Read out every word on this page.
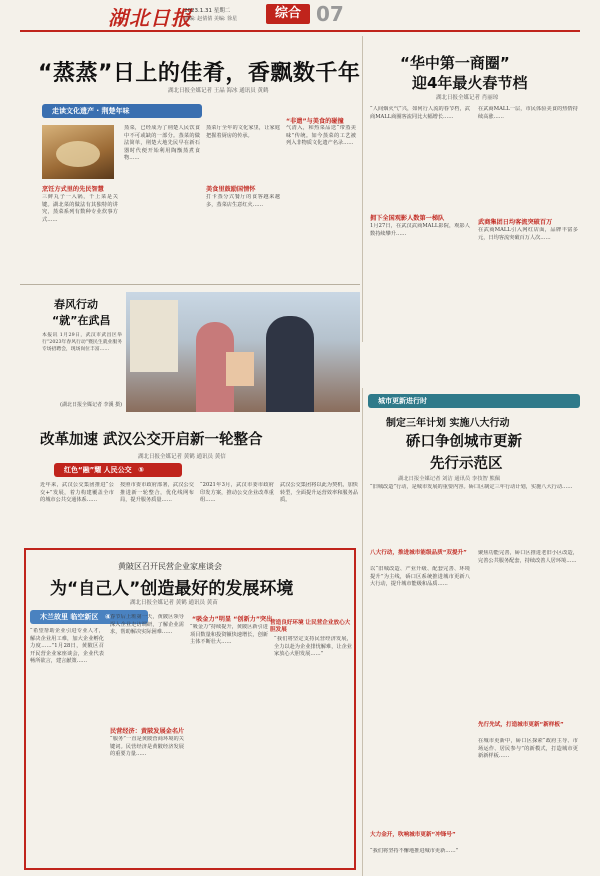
湖北日报
2023.1.31 星期二
责编: 赵倩倩 美编: 徐星	综合 07
“蒸蒸”日上的佳肴，香飘数千年
湖北日报全媒记者 王晶 海冰 通讯员 黄鹤
走读文化遗产 · 荆楚年味
烹饪方式里的先民智慧
三鲜丸子一入锅，千上菜是关键。湖北菜的做法有其独特的讲究，蒸菜系列有数种专业炊事方式……
蒸菜，已经成为了荆楚人民饮食中不可或缺的一部分。蒸菜的做法简单，荆楚大地先民早在新石器时代便开始利用陶甑蒸煮食物……
美食里鼓励国情怀
蒸菜厅全年的文化家里，让家庭把握着厨房的传承。
打卡蒸分式餐厅的食客越来越多，蒸菜店生意红火……
“非遗”与美食的碰撞
气清入，和热菜品送“带蒸美味”传统。如今蒸菜的工艺被列入非物质文化遗产名录……
“华中第一商圈”
迎4年最火春节档
湖北日报全媒记者 肖丽琼
“人间烟火气”兴，如何行人流的春节档，武商MALL商圈客流同比大幅增长……
拥下全国观影人数第一梯队
1月27日，在武汉武商MALL影院，观影人数持续攀升……
在武商MALL一层，市民体验美食的热情持续高涨……
武商集团日均客流突破百万
在武商MALL引入网红店面，品牌丰富多元，日均客流突破百万人次……
春风行动
“就”在武昌
本报讯 1月29日，武汉市武昌区举行“2023年春风行动”暨民生就业服务专场招聘会，现场岗位丰富……
(湖北日报全媒记者 李溪 摄)
改革加速 武汉公交开启新一轮整合
湖北日报全媒记者 黄鹤 通讯员 黄信
红色“融”耀 人民公交 ⑤
近年来，武汉公交集团推进“公交+”发展，着力构建覆盖全市的城市公共交通体系……
按照市委市政府部署，武汉公交推进新一轮整合，优化线网布局，提升服务质量……
“2021年3月，武汉市委市政府印发方案，推动公交企业改革重组……
武汉公交集团将以此为契机，加快转型，全面提升运营效率和服务品质。
城市更新进行时
制定三年计划 实施八大行动
硚口争创城市更新
先行示范区
湖北日报全媒记者 刘洁 通讯员 李技智 熊佩
“旧城改造”行动，是城市发展的重要内容。硚口区制定三年行动计划，实施八大行动……
黄陂区召开民营企业家座谈会
为“自己人”创造最好的发展环境
湖北日报全媒记者 黄鹤 通讯员 黄苗
木兰故里 临空新区 ④
“希望帮助企业引进专业人才，解决企业用工难，加大企业孵化力度……”1月28日，黄陂区召开民营企业家座谈会，企业代表畅所欲言，建言献策……
春节后上班第一天，黄陂区领导深入企业走访调研，了解企业需求，帮助解决实际困难……
民营经济：黄陂发展金名片
“服务”一直是黄陂营商环境的关键词。民营经济是黄陂经济发展的重要力量……
“吸金力”明显 “创新力”突出
“吸金力”持续提升，黄陂区新引进项目数量和投资额快速增长，创新主体不断壮大……
营造良好环境 让民营企业放心大胆发展
“我们将坚定支持民营经济发展，全力以赴为企业排忧解难，让企业家放心大胆发展……”
八大行动，推进城市能级品质“双提升”
以“旧城改造、产业升级、配套完善、环境提升”为主线，硚口区系统推进城市更新八大行动，提升城市能级和品质……
大力金开，吹响城市更新“冲锋号”
“我们将坚持不懈地推进城市更新……”
聚焦功能完善，硚口区推进老旧小区改造，完善公共服务配套，持续改善人居环境……
先行先试，打造城市更新“新样板”
在城市更新中，硚口区探索“政府主导、市场运作、居民参与”的新模式，打造城市更新新样板……
